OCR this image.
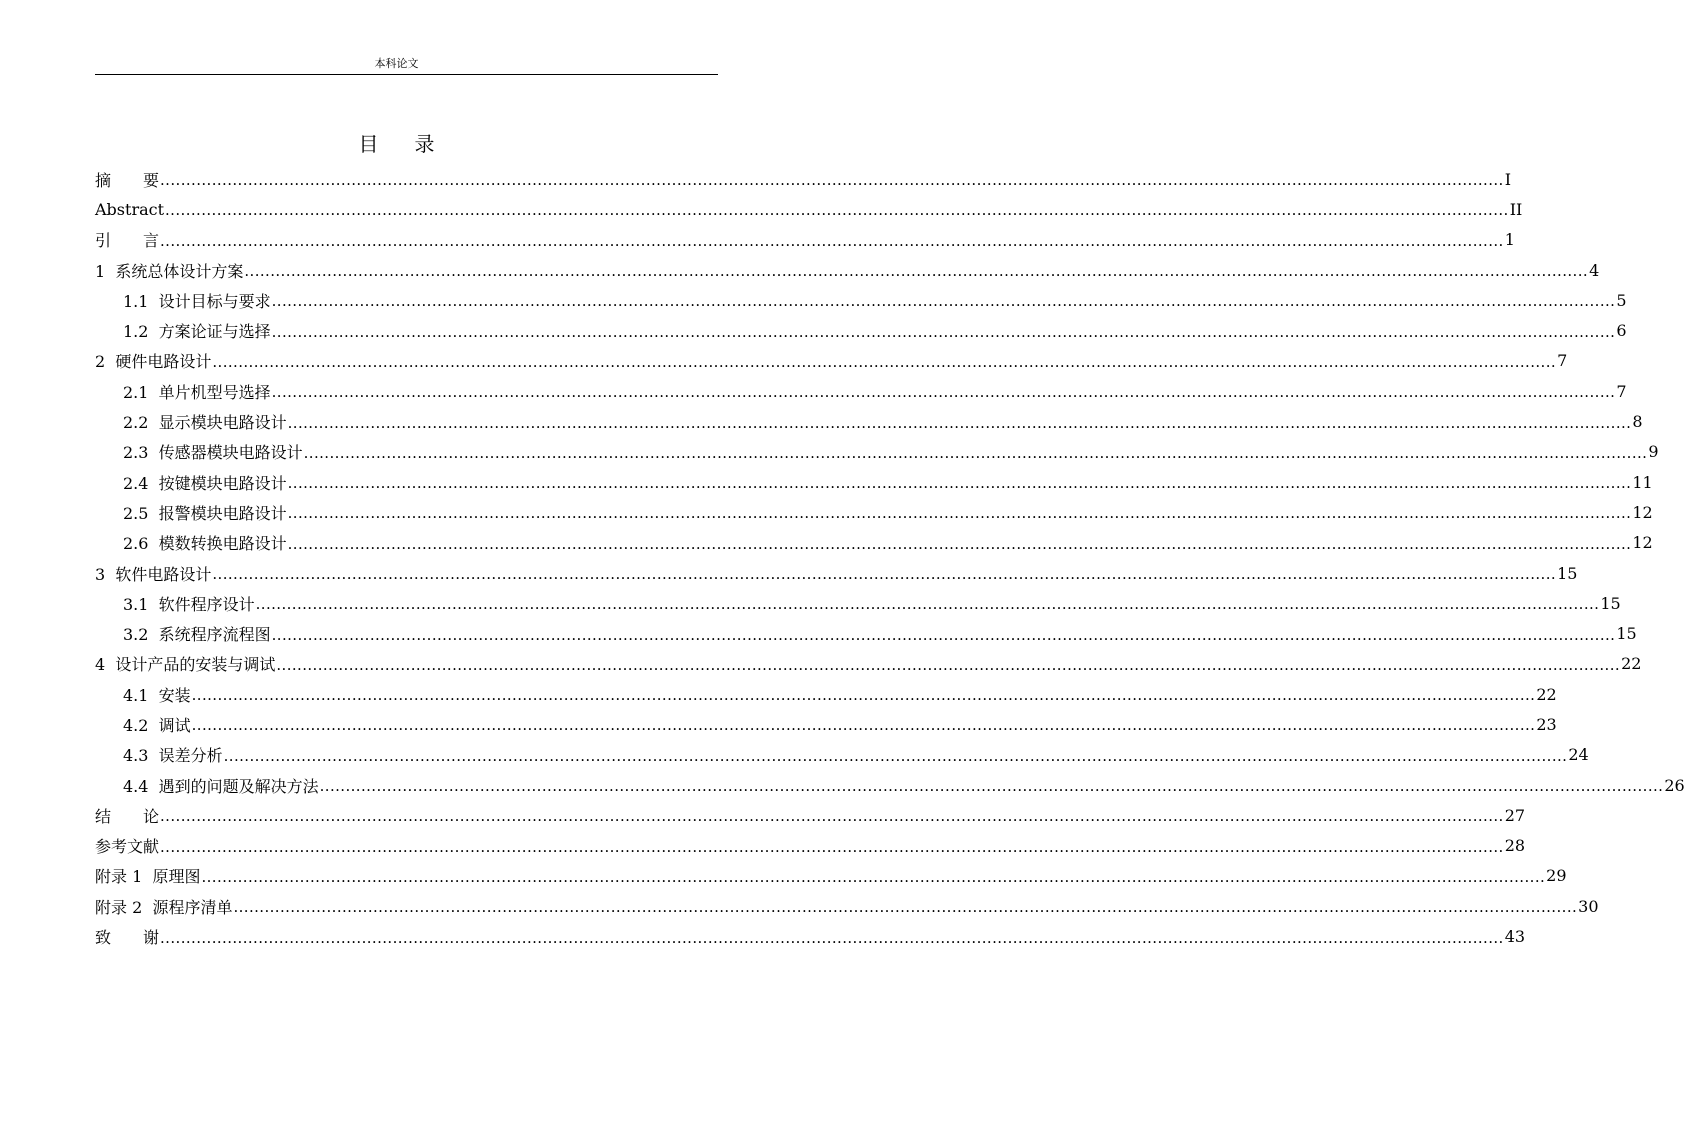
本科论文
目录
摘　　要 .................................................................................................................................................................................................................................................................... I
Abstract .................................................................................................................................................................................................................................................................... II
引　　言 .................................................................................................................................................................................................................................................................... 1
1  系统总体设计方案 .................................................................................................................................................................................................................................................................... 4
1.1  设计目标与要求 .................................................................................................................................................................................................................................................................... 5
1.2  方案论证与选择 .................................................................................................................................................................................................................................................................... 6
2  硬件电路设计 .................................................................................................................................................................................................................................................................... 7
2.1  单片机型号选择 .................................................................................................................................................................................................................................................................... 7
2.2  显示模块电路设计 .................................................................................................................................................................................................................................................................... 8
2.3  传感器模块电路设计 .................................................................................................................................................................................................................................................................... 9
2.4  按键模块电路设计 .................................................................................................................................................................................................................................................................... 11
2.5  报警模块电路设计 .................................................................................................................................................................................................................................................................... 12
2.6  模数转换电路设计 .................................................................................................................................................................................................................................................................... 12
3  软件电路设计 .................................................................................................................................................................................................................................................................... 15
3.1  软件程序设计 .................................................................................................................................................................................................................................................................... 15
3.2  系统程序流程图 .................................................................................................................................................................................................................................................................... 15
4  设计产品的安装与调试 .................................................................................................................................................................................................................................................................... 22
4.1  安装 .................................................................................................................................................................................................................................................................... 22
4.2  调试 .................................................................................................................................................................................................................................................................... 23
4.3  误差分析 .................................................................................................................................................................................................................................................................... 24
4.4  遇到的问题及解决方法 .................................................................................................................................................................................................................................................................... 26
结　　论 .................................................................................................................................................................................................................................................................... 27
参考文献 .................................................................................................................................................................................................................................................................... 28
附录 1  原理图 .................................................................................................................................................................................................................................................................... 29
附录 2  源程序清单 .................................................................................................................................................................................................................................................................... 30
致　　谢 .................................................................................................................................................................................................................................................................... 43
